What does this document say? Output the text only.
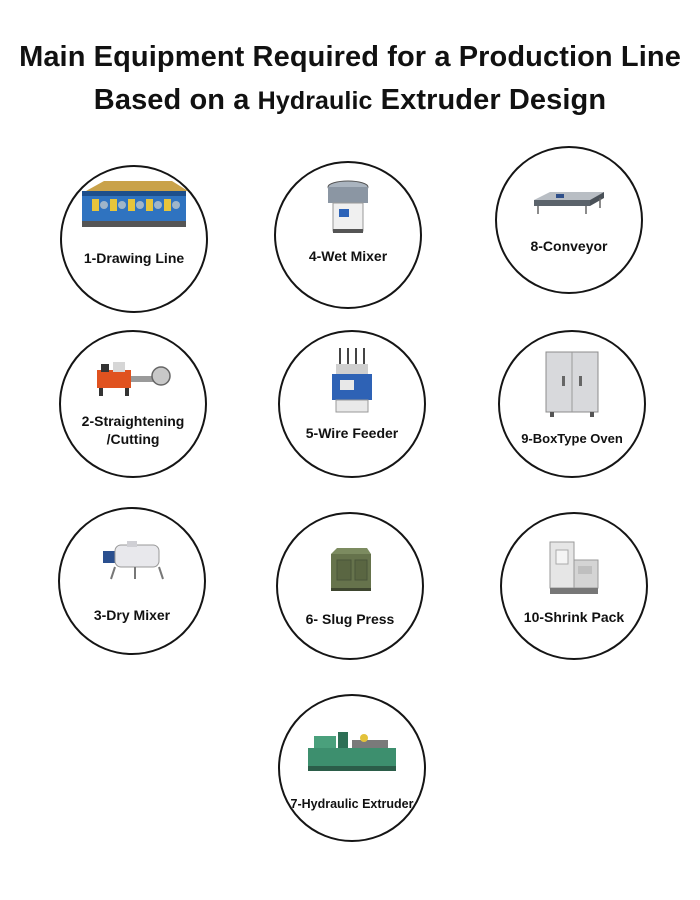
Main Equipment Required for a Production Line
Based on a Hydraulic Extruder Design
1-Drawing Line
2-Straightening
/Cutting
3-Dry Mixer
4-Wet Mixer
5-Wire Feeder
6- Slug Press
7-Hydraulic Extruder
8-Conveyor
9-BoxType Oven
10-Shrink Pack
